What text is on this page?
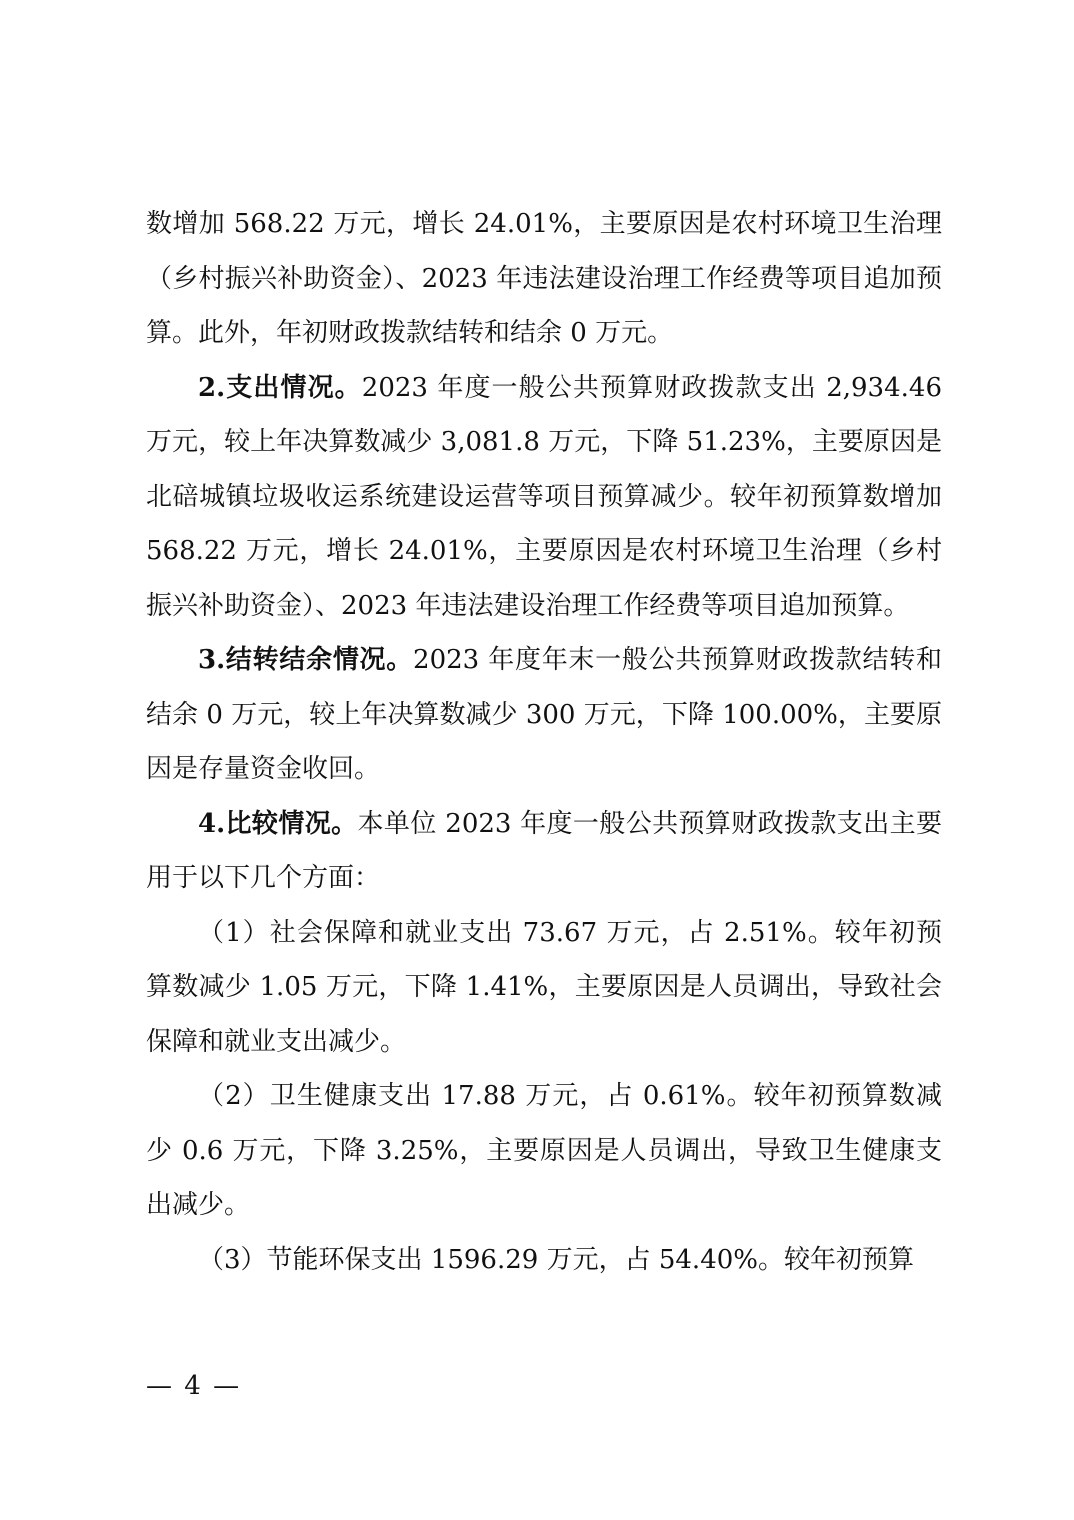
数增加 568.22 万元，增长 24.01%，主要原因是农村环境卫生治理（乡村振兴补助资金）、2023 年违法建设治理工作经费等项目追加预算。此外，年初财政拨款结转和结余 0 万元。

2.支出情况。2023 年度一般公共预算财政拨款支出 2,934.46 万元，较上年决算数减少 3,081.8 万元，下降 51.23%，主要原因是北碚城镇垃圾收运系统建设运营等项目预算减少。较年初预算数增加 568.22 万元，增长 24.01%，主要原因是农村环境卫生治理（乡村振兴补助资金）、2023 年违法建设治理工作经费等项目追加预算。

3.结转结余情况。2023 年度年末一般公共预算财政拨款结转和结余 0 万元，较上年决算数减少 300 万元，下降 100.00%，主要原因是存量资金收回。

4.比较情况。本单位 2023 年度一般公共预算财政拨款支出主要用于以下几个方面：

（1）社会保障和就业支出 73.67 万元，占 2.51%。较年初预算数减少 1.05 万元，下降 1.41%，主要原因是人员调出，导致社会保障和就业支出减少。

（2）卫生健康支出 17.88 万元，占 0.61%。较年初预算数减少 0.6 万元，下降 3.25%，主要原因是人员调出，导致卫生健康支出减少。

（3）节能环保支出 1596.29 万元，占 54.40%。较年初预算

— 4 —
